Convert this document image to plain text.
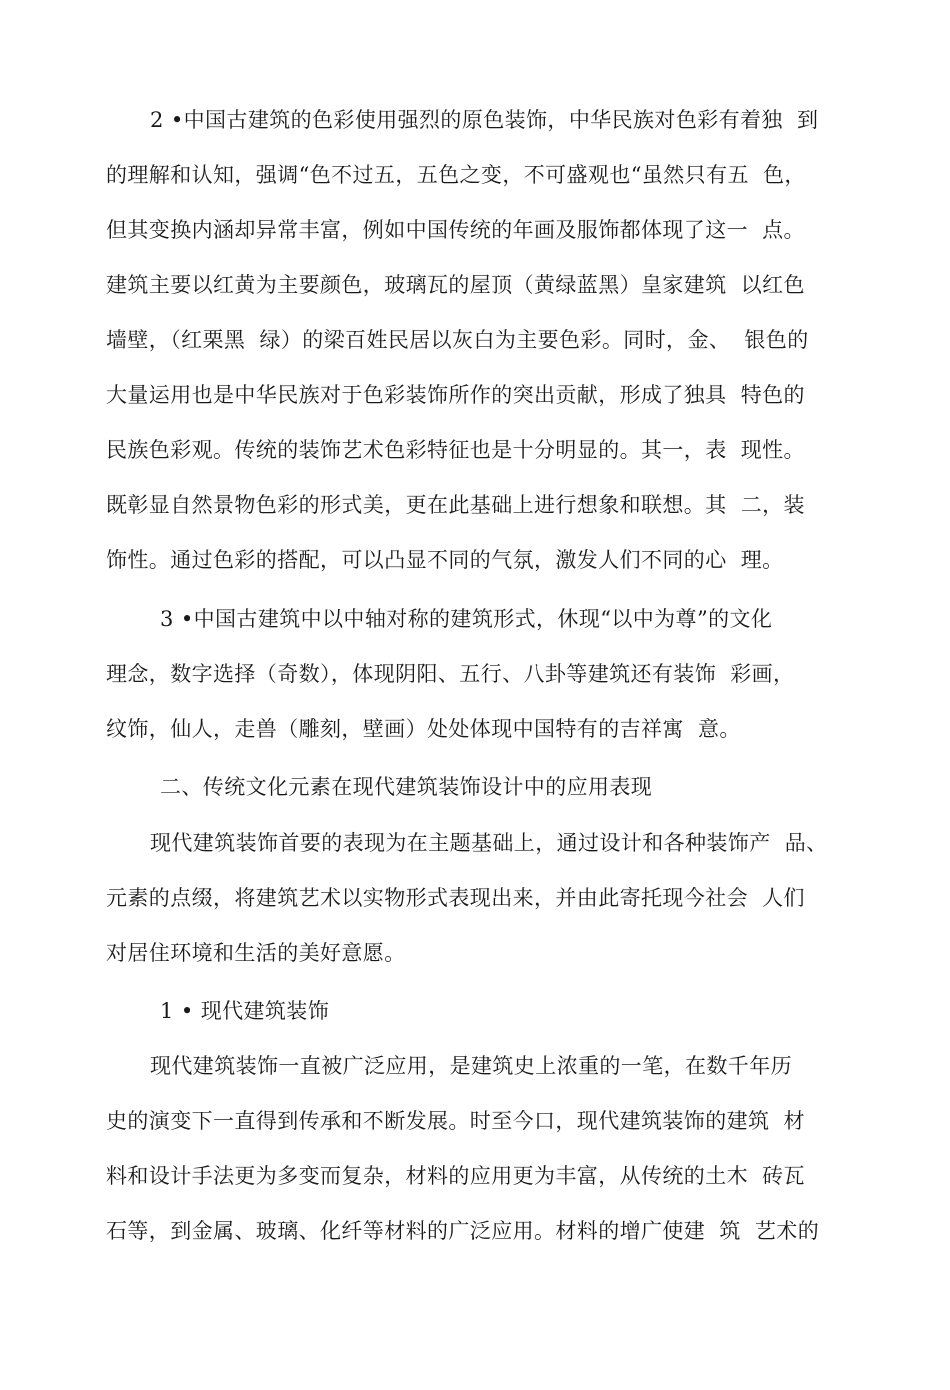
2 •中国古建筑的色彩使用强烈的原色装饰，中华民族对色彩有着独  到
的理解和认知，强调“色不过五，五色之变，不可盛观也“虽然只有五  色，
但其变换内涵却异常丰富，例如中国传统的年画及服饰都体现了这一  点。
建筑主要以红黄为主要颜色，玻璃瓦的屋顶（黄绿蓝黑）皇家建筑  以红色
墙壁，（红栗黑  绿）的梁百姓民居以灰白为主要色彩。同时，金、  银色的
大量运用也是中华民族对于色彩装饰所作的突出贡献，形成了独具  特色的
民族色彩观。传统的装饰艺术色彩特征也是十分明显的。其一，表  现性。
既彰显自然景物色彩的形式美，更在此基础上进行想象和联想。其  二，装
饰性。通过色彩的搭配，可以凸显不同的气氛，激发人们不同的心  理。
3 •中国古建筑中以中轴对称的建筑形式，休现“以中为尊”的文化
理念，数字选择（奇数），体现阴阳、五行、八卦等建筑还有装饰  彩画，
纹饰，仙人，走兽（雕刻，壁画）处处体现中国特有的吉祥寓  意。
二、传统文化元素在现代建筑装饰设计中的应用表现
现代建筑装饰首要的表现为在主题基础上，通过设计和各种装饰产  品、
元素的点缀，将建筑艺术以实物形式表现出来，并由此寄托现今社会  人们
对居住环境和生活的美好意愿。
1 • 现代建筑装饰
现代建筑装饰一直被广泛应用，是建筑史上浓重的一笔，在数千年历
史的演变下一直得到传承和不断发展。时至今口，现代建筑装饰的建筑  材
料和设计手法更为多变而复杂，材料的应用更为丰富，从传统的土木  砖瓦
石等，到金属、玻璃、化纤等材料的广泛应用。材料的增广使建  筑  艺术的
